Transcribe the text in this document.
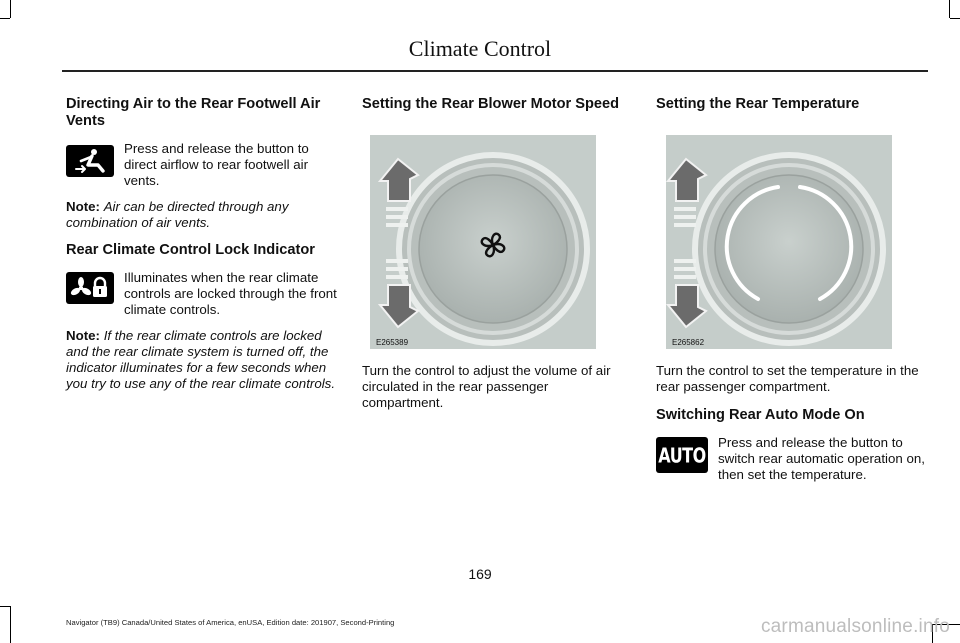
Climate Control
Directing Air to the Rear Footwell Air Vents
Press and release the button to direct airflow to rear footwell air vents.

Note: Air can be directed through any combination of air vents.

Rear Climate Control Lock Indicator
Illuminates when the rear climate controls are locked through the front climate controls.

Note: If the rear climate controls are locked and the rear climate system is turned off, the indicator illuminates for a few seconds when you try to use any of the rear climate controls.

Setting the Rear Blower Motor Speed
E265389

Turn the control to adjust the volume of air circulated in the rear passenger compartment.

Setting the Rear Temperature
E265862

Turn the control to set the temperature in the rear passenger compartment.

Switching Rear Auto Mode On
AUTO
Press and release the button to switch rear automatic operation on, then set the temperature.
169
Navigator (TB9) Canada/United States of America, enUSA, Edition date: 201907, Second-Printing	carmanualsonline.info
